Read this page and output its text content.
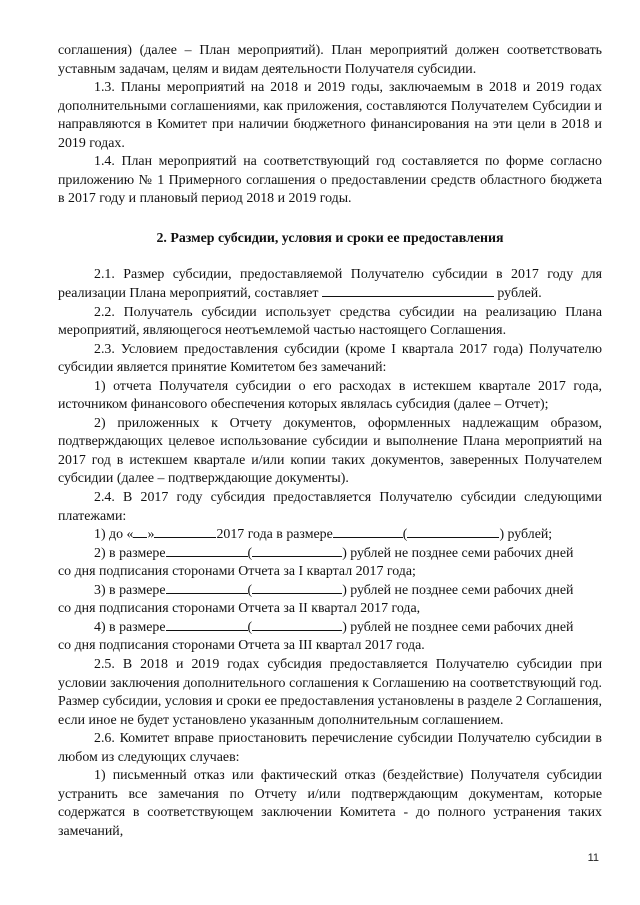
соглашения) (далее – План мероприятий). План мероприятий должен соответствовать уставным задачам, целям и видам деятельности Получателя субсидии.

1.3. Планы мероприятий на 2018 и 2019 годы, заключаемым в 2018 и 2019 годах дополнительными соглашениями, как приложения, составляются Получателем Субсидии и направляются в Комитет при наличии бюджетного финансирования на эти цели в 2018 и 2019 годах.

1.4. План мероприятий на соответствующий год составляется по форме согласно приложению № 1 Примерного соглашения о предоставлении средств областного бюджета в 2017 году и плановый период 2018 и 2019 годы.

2. Размер субсидии, условия и сроки ее предоставления

2.1. Размер субсидии, предоставляемой Получателю субсидии в 2017 году для реализации Плана мероприятий, составляет	рублей.

2.2. Получатель субсидии использует средства субсидии на реализацию Плана мероприятий, являющегося неотъемлемой частью настоящего Соглашения.

2.3. Условием предоставления субсидии (кроме I квартала 2017 года) Получателю субсидии является принятие Комитетом без замечаний:

1) отчета Получателя субсидии о его расходах в истекшем квартале 2017 года, источником финансового обеспечения которых являлась субсидия (далее – Отчет);

2) приложенных к Отчету документов, оформленных надлежащим образом, подтверждающих целевое использование субсидии и выполнение Плана мероприятий на 2017 год в истекшем квартале и/или копии таких документов, заверенных Получателем субсидии (далее – подтверждающие документы).

2.4. В 2017 году субсидия предоставляется Получателю субсидии следующими платежами:

1) до « »	2017 года в размере	(	) рублей;

2) в размере	(	) рублей не позднее семи рабочих дней

со дня подписания сторонами Отчета за I квартал 2017 года;

3) в размере	(	) рублей не позднее семи рабочих дней

со дня подписания сторонами Отчета за II квартал 2017 года,

4) в размере	(	) рублей не позднее семи рабочих дней

со дня подписания сторонами Отчета за III квартал 2017 года.

2.5. В 2018 и 2019 годах субсидия предоставляется Получателю субсидии при условии заключения дополнительного соглашения к Соглашению на соответствующий год. Размер субсидии, условия и сроки ее предоставления установлены в разделе 2 Соглашения, если иное не будет установлено указанным дополнительным соглашением.

2.6. Комитет вправе приостановить перечисление субсидии Получателю субсидии в любом из следующих случаев:

1) письменный отказ или фактический отказ (бездействие) Получателя субсидии устранить все замечания по Отчету и/или подтверждающим документам, которые содержатся в соответствующем заключении Комитета - до полного устранения таких замечаний,

11
